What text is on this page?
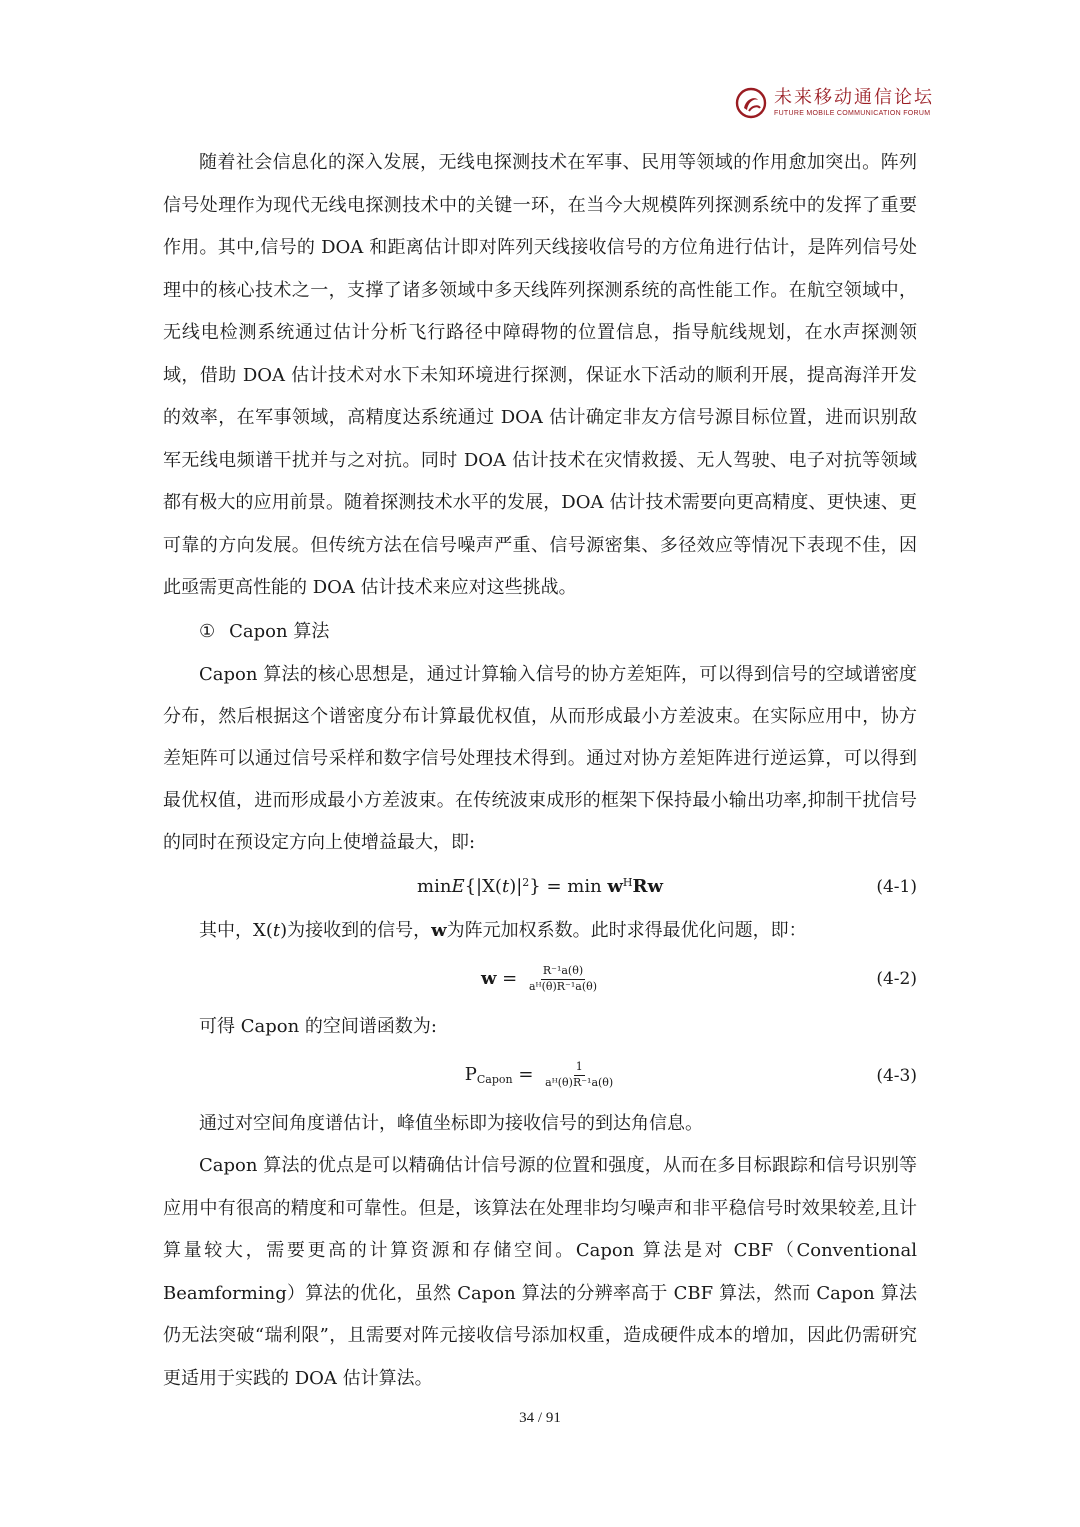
未来移动通信论坛
FUTURE MOBILE COMMUNICATION FORUM

随着社会信息化的深入发展，无线电探测技术在军事、民用等领域的作用愈加突出。阵列信号处理作为现代无线电探测技术中的关键一环，在当今大规模阵列探测系统中的发挥了重要作用。其中,信号的 DOA 和距离估计即对阵列天线接收信号的方位角进行估计，是阵列信号处理中的核心技术之一，支撑了诸多领域中多天线阵列探测系统的高性能工作。在航空领域中，无线电检测系统通过估计分析飞行路径中障碍物的位置信息，指导航线规划，在水声探测领域，借助 DOA 估计技术对水下未知环境进行探测，保证水下活动的顺利开展，提高海洋开发的效率，在军事领域，高精度达系统通过 DOA 估计确定非友方信号源目标位置，进而识别敌军无线电频谱干扰并与之对抗。同时 DOA 估计技术在灾情救援、无人驾驶、电子对抗等领域都有极大的应用前景。随着探测技术水平的发展，DOA 估计技术需要向更高精度、更快速、更可靠的方向发展。但传统方法在信号噪声严重、信号源密集、多径效应等情况下表现不佳，因此亟需更高性能的 DOA 估计技术来应对这些挑战。

① Capon 算法

Capon 算法的核心思想是，通过计算输入信号的协方差矩阵，可以得到信号的空域谱密度分布，然后根据这个谱密度分布计算最优权值，从而形成最小方差波束。在实际应用中，协方差矩阵可以通过信号采样和数字信号处理技术得到。通过对协方差矩阵进行逆运算，可以得到最优权值，进而形成最小方差波束。在传统波束成形的框架下保持最小输出功率,抑制干扰信号的同时在预设定方向上使增益最大，即:

$\min E\{|X(t)|^2\} = \min w^HRw$	(4-1)

其中，X(t)为接收到的信号，w为阵元加权系数。此时求得最优化问题，即：

$w = \frac{\text{R⁻¹a(θ)}}{\text{aᴴ(θ)R⁻¹a(θ)}}$	(4-2)

可得 Capon 的空间谱函数为:

$P_{Capon} = \frac{1}{\text{aᴴ(θ)R⁻¹a(θ)}}$	(4-3)

通过对空间角度谱估计，峰值坐标即为接收信号的到达角信息。

Capon 算法的优点是可以精确估计信号源的位置和强度，从而在多目标跟踪和信号识别等应用中有很高的精度和可靠性。但是，该算法在处理非均匀噪声和非平稳信号时效果较差,且计算量较大，需要更高的计算资源和存储空间。Capon 算法是对 CBF（Conventional Beamforming）算法的优化，虽然 Capon 算法的分辨率高于 CBF 算法，然而 Capon 算法仍无法突破“瑞利限”，且需要对阵元接收信号添加权重，造成硬件成本的增加，因此仍需研究更适用于实践的 DOA 估计算法。

34 / 91
